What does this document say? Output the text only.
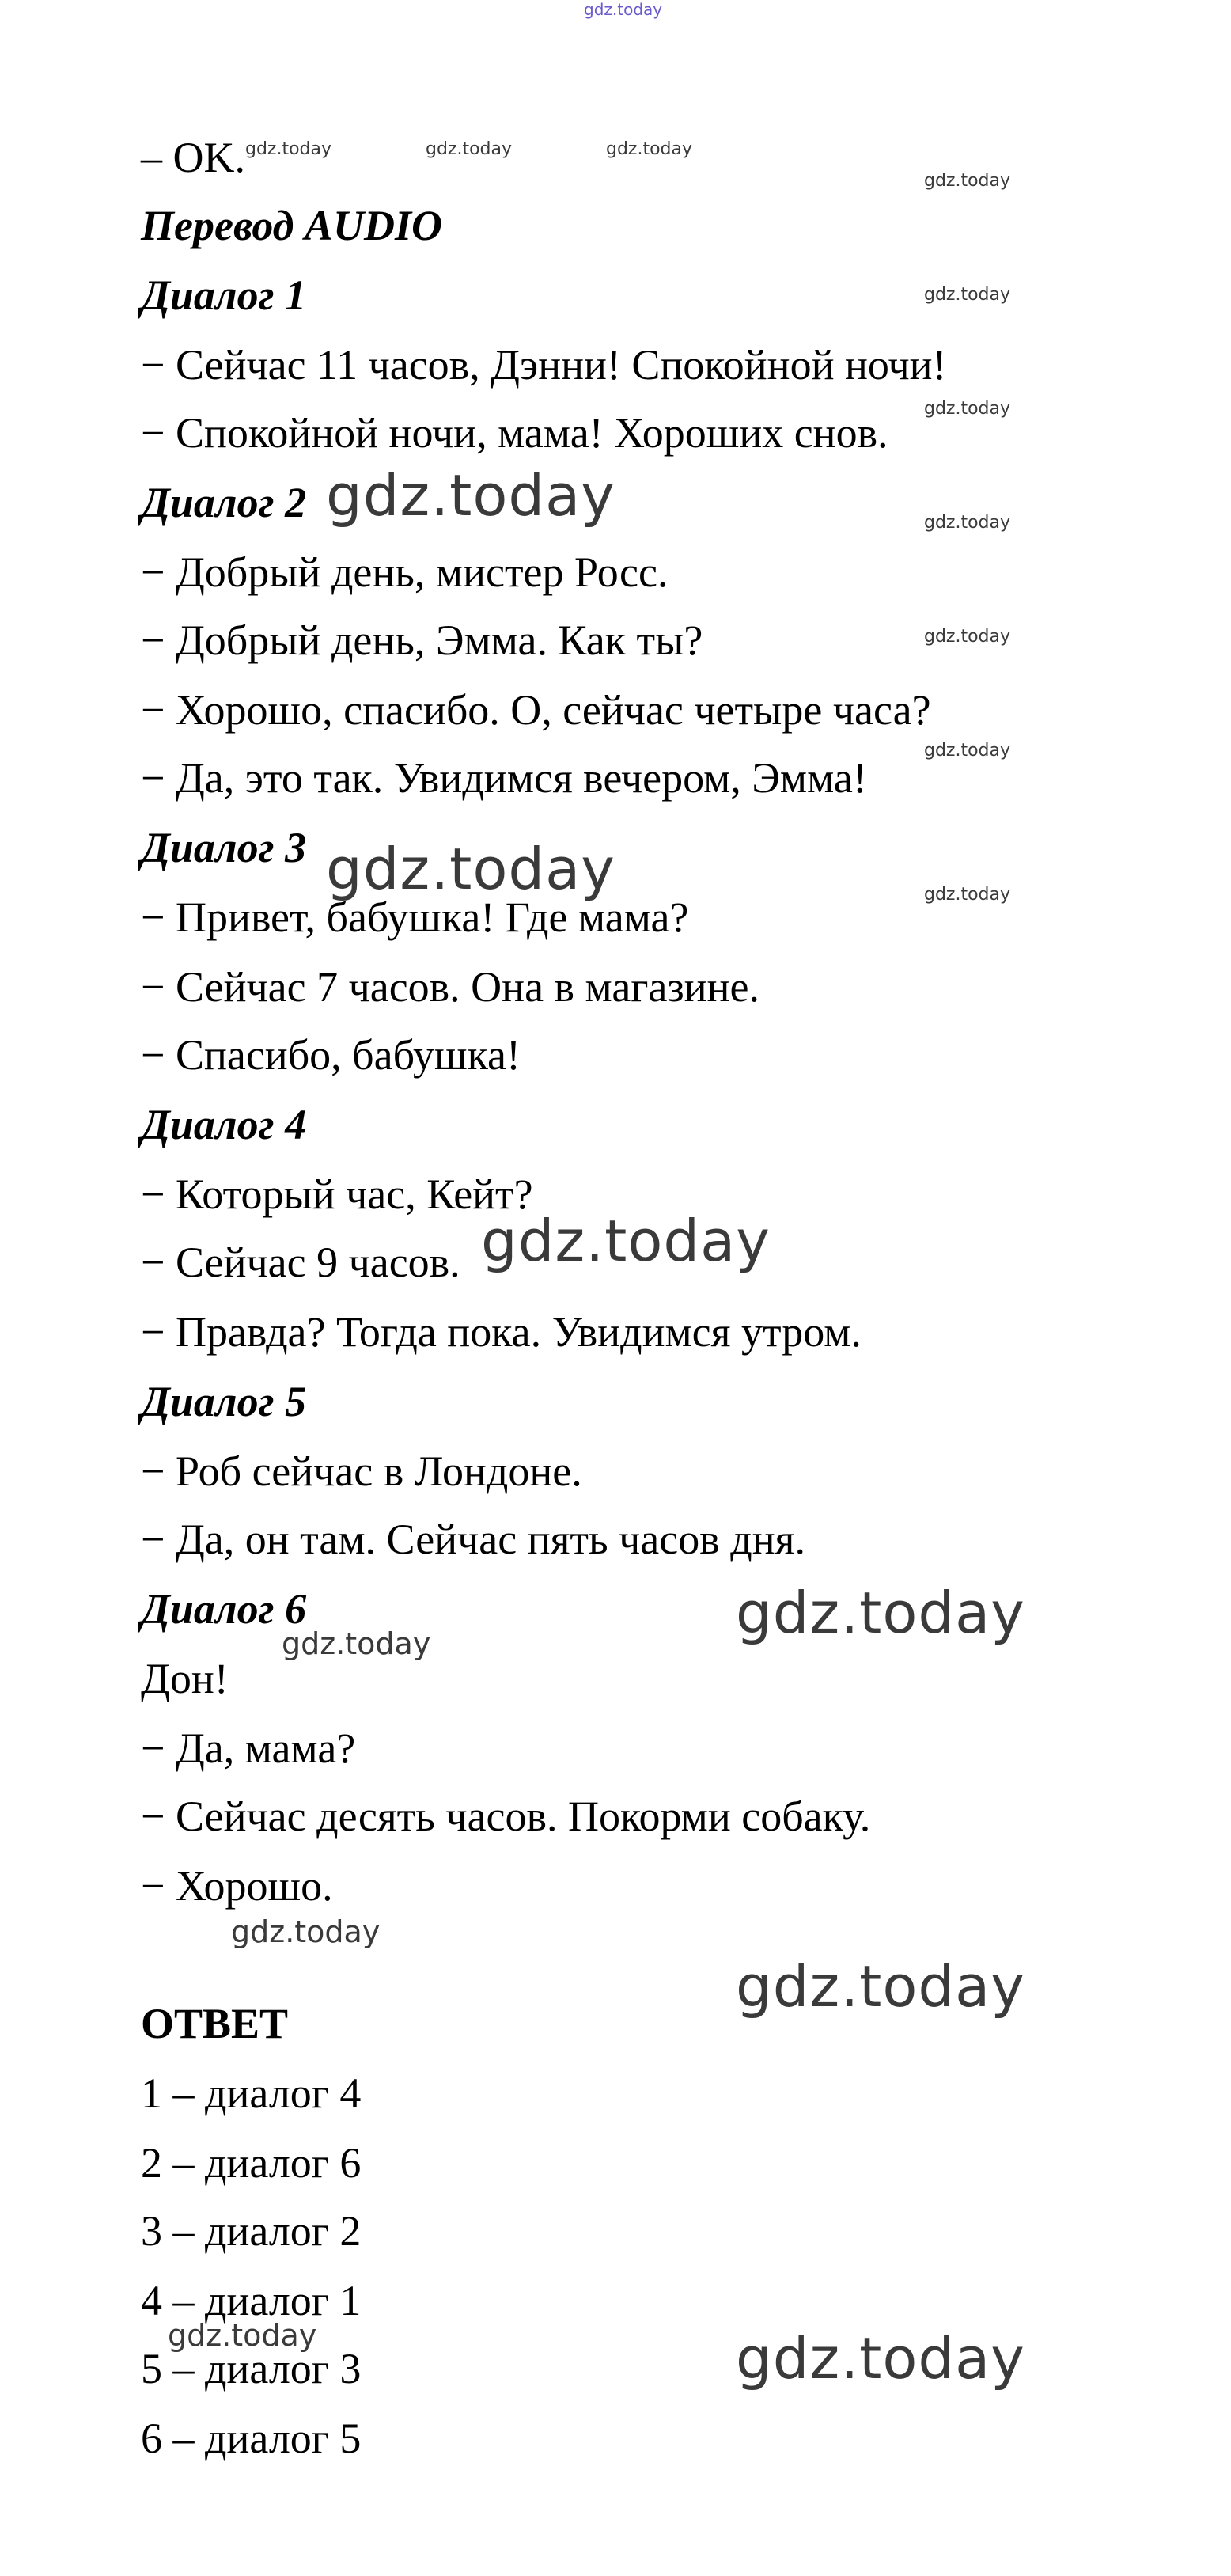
– OK.
Перевод AUDIO
Диалог 1
− Сейчас 11 часов, Дэнни! Спокойной ночи!
− Спокойной ночи, мама! Хороших снов.
Диалог 2
− Добрый день, мистер Росс.
− Добрый день, Эмма. Как ты?
− Хорошо, спасибо. О, сейчас четыре часа?
− Да, это так. Увидимся вечером, Эмма!
Диалог 3
− Привет, бабушка! Где мама?
− Сейчас 7 часов. Она в магазине.
− Спасибо, бабушка!
Диалог 4
− Который час, Кейт?
− Сейчас 9 часов.
− Правда? Тогда пока. Увидимся утром.
Диалог 5
− Роб сейчас в Лондоне.
− Да, он там. Сейчас пять часов дня.
Диалог 6
Дон!
− Да, мама?
− Сейчас десять часов. Покорми собаку.
− Хорошо.
ОТВЕТ
1 – диалог 4
2 – диалог 6
3 – диалог 2
4 – диалог 1
5 – диалог 3
6 – диалог 5
gdz.today
gdz.today	gdz.today	gdz.today
gdz.today
gdz.today
gdz.today
gdz.today
gdz.today
gdz.today
gdz.today
gdz.today
gdz.today
gdz.today
gdz.today
gdz.today
gdz.today
gdz.today
gdz.today	gdz.today
